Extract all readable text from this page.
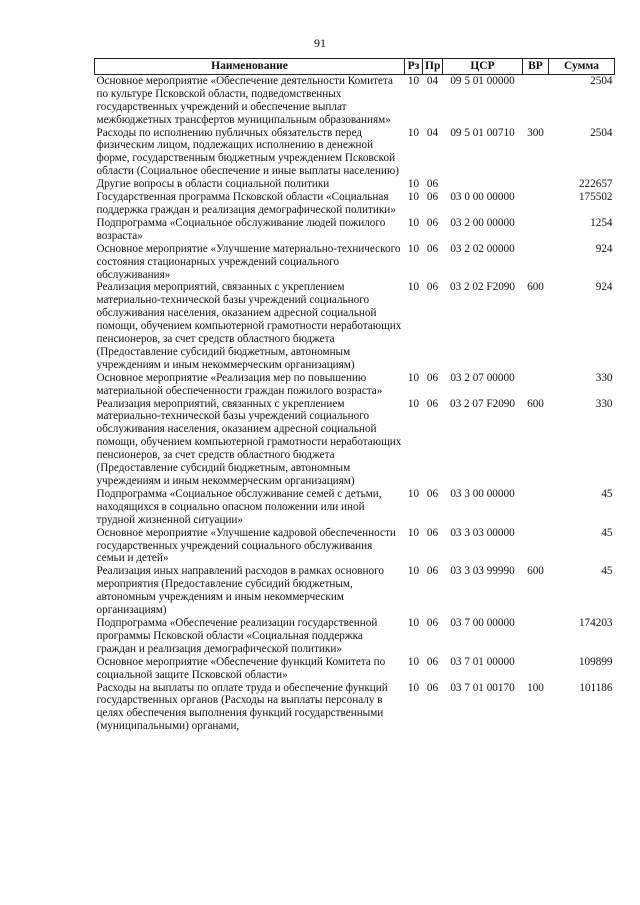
91
Наименование	Рз	Пр	ЦСР	ВР	Сумма
Основное мероприятие «Обеспечение деятельности Комитета по культуре Псковской области, подведомственных государственных учреждений и обеспечение выплат межбюджетных трансфертов муниципальным образованиям»	10	04	09 5 01 00000		2504
Расходы по исполнению публичных обязательств перед физическим лицом, подлежащих исполнению в денежной форме, государственным бюджетным учреждением Псковской области (Социальное обеспечение и иные выплаты населению)	10	04	09 5 01 00710	300	2504
Другие вопросы в области социальной политики	10	06			222657
Государственная программа Псковской области «Социальная поддержка граждан и реализация демографической политики»	10	06	03 0 00 00000		175502
Подпрограмма «Социальное обслуживание людей пожилого возраста»	10	06	03 2 00 00000		1254
Основное мероприятие «Улучшение материально-технического состояния стационарных учреждений социального обслуживания»	10	06	03 2 02 00000		924
Реализация мероприятий, связанных с укреплением материально-технической базы учреждений социального обслуживания населения, оказанием адресной социальной помощи, обучением компьютерной грамотности неработающих пенсионеров, за счет средств областного бюджета (Предоставление субсидий бюджетным, автономным учреждениям и иным некоммерческим организациям)	10	06	03 2 02 F2090	600	924
Основное мероприятие «Реализация мер по повышению материальной обеспеченности граждан пожилого возраста»	10	06	03 2 07 00000		330
Реализация мероприятий, связанных с укреплением материально-технической базы учреждений социального обслуживания населения, оказанием адресной социальной помощи, обучением компьютерной грамотности неработающих пенсионеров, за счет средств областного бюджета (Предоставление субсидий бюджетным, автономным учреждениям и иным некоммерческим организациям)	10	06	03 2 07 F2090	600	330
Подпрограмма «Социальное обслуживание семей с детьми, находящихся в социально опасном положении или иной трудной жизненной ситуации»	10	06	03 3 00 00000		45
Основное мероприятие «Улучшение кадровой обеспеченности государственных учреждений социального обслуживания семьи и детей»	10	06	03 3 03 00000		45
Реализация иных направлений расходов в рамках основного мероприятия (Предоставление субсидий бюджетным, автономным учреждениям и иным некоммерческим организациям)	10	06	03 3 03 99990	600	45
Подпрограмма «Обеспечение реализации государственной программы Псковской области «Социальная поддержка граждан и реализация демографической политики»	10	06	03 7 00 00000		174203
Основное мероприятие «Обеспечение функций Комитета по социальной защите Псковской области»	10	06	03 7 01 00000		109899
Расходы на выплаты по оплате труда и обеспечение функций государственных органов (Расходы на выплаты персоналу в целях обеспечения выполнения функций государственными (муниципальными) органами,	10	06	03 7 01 00170	100	101186
